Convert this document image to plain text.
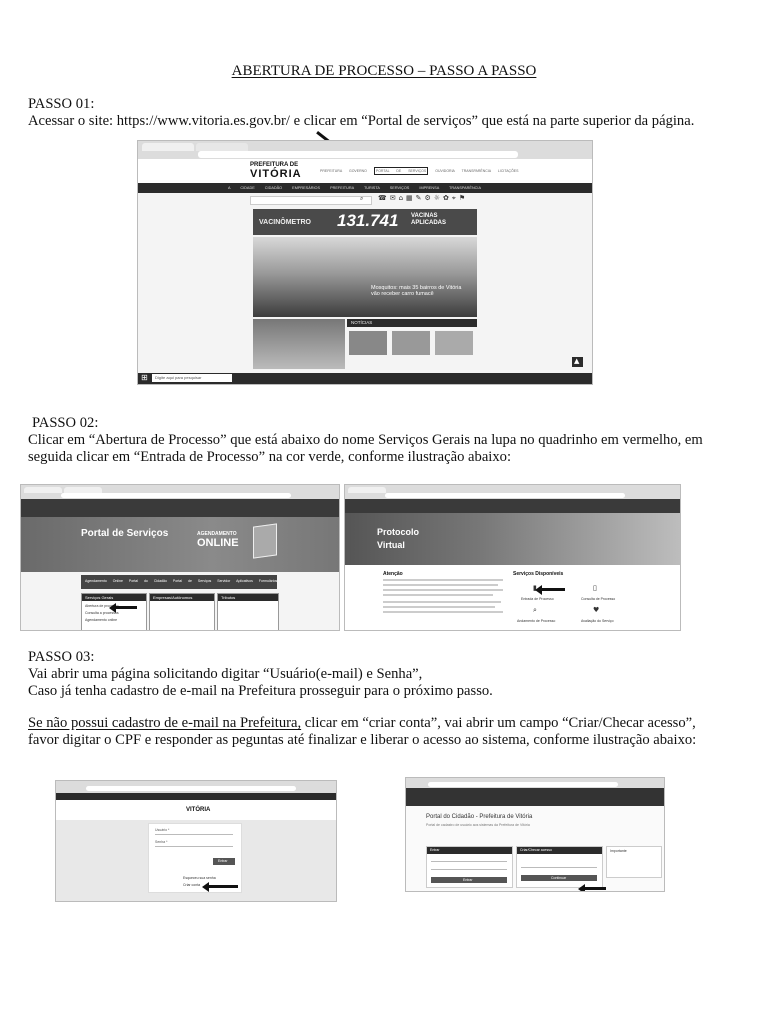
ABERTURA DE PROCESSO – PASSO A PASSO
PASSO 01:
Acessar o site: https://www.vitoria.es.gov.br/ e clicar em “Portal de serviços” que está na parte superior da página.
PREFEITURA DE
VITÓRIA	PREFEITURA GOVERNO	PORTAL DE SERVIÇOS	OUVIDORIA TRANSPARÊNCIA LICITAÇÕES
A CIDADE	CIDADÃO	EMPRESÁRIOS	PREFEITURA	TURISTA	SERVIÇOS	IMPRENSA	TRANSPARÊNCIA
⌕ ☎✉⌂▦✎⚙☼✿⌖⚑
VACINÔMETRO 131.741 VACINAS
APLICADAS
Mosquitos: mais 35 bairros de Vitória vão receber carro fumacê
NOTÍCIAS
▲
⊞ Digite aqui para pesquisar
PASSO 02:
Clicar em “Abertura de Processo” que está abaixo do nome Serviços Gerais na lupa no quadrinho em vermelho, em
seguida clicar em “Entrada de Processo” na cor verde, conforme ilustração abaixo:
Portal de Serviços	AGENDAMENTO
ONLINE
Agendamento Online Portal do Cidadão Portal de Serviços Servidor Aplicativos Formulários
Serviços Gerais
Abertura de processo
Consulta a processos
Agendamento online
Empresas/Autônomos	Tributos
Protocolo
Virtual
Atenção	Serviços Disponíveis
▮
Entrada de Processo
▯
Consulta de Processo
⌕
Andamento de Processo
♥
Avaliação do Serviço
PASSO 03:
Vai abrir uma página solicitando digitar “Usuário(e-mail) e Senha”,
Caso já tenha cadastro de e-mail na Prefeitura prosseguir para o próximo passo.
Se não possui cadastro de e-mail na Prefeitura, clicar em “criar conta”, vai abrir um campo “Criar/Checar acesso”,
favor digitar o CPF e responder as peguntas até finalizar e liberar o acesso ao sistema, conforme ilustração abaixo:
VITÓRIA
Usuário *
Senha *
Entrar
Esqueceu sua senha
Criar conta
Portal do Cidadão - Prefeitura de Vitória
Portal de cadastro de usuário aos sistemas da Prefeitura de Vitória
Entrar
Entrar
Criar/Checar acesso
Continuar
Importante
